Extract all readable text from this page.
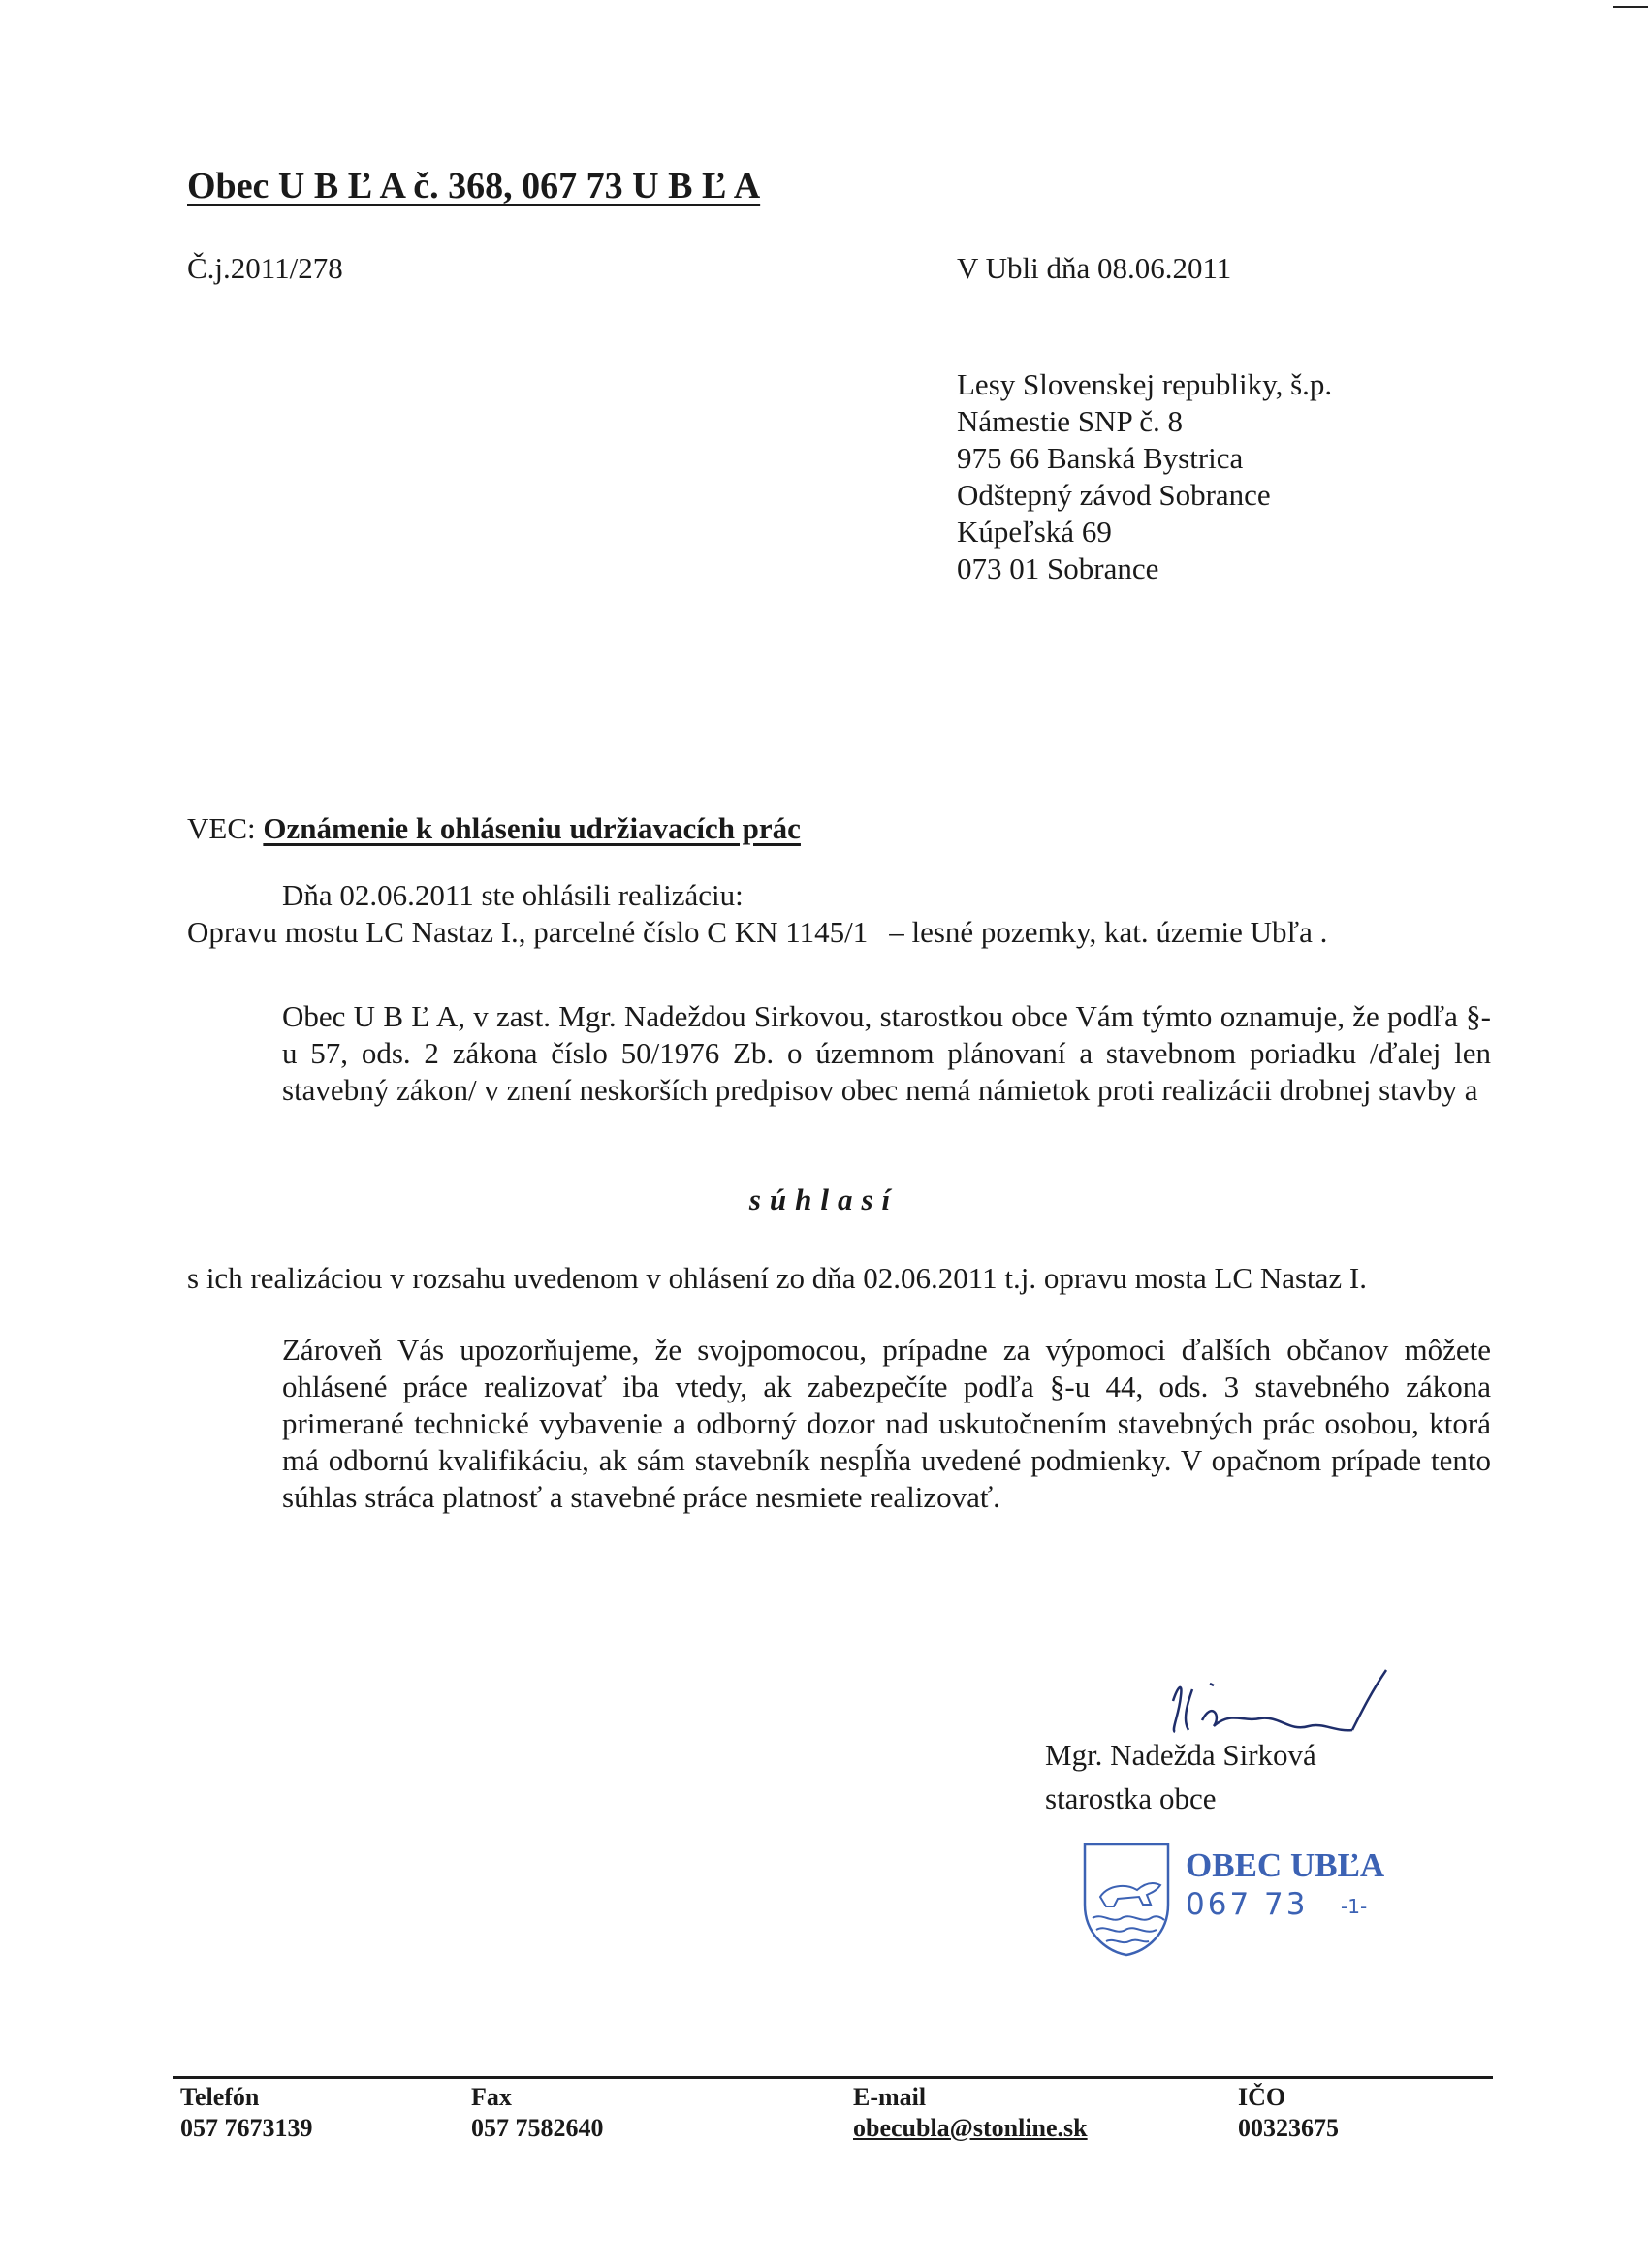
Obec U B Ľ A č. 368, 067 73 U B Ľ A
Č.j.2011/278	V Ubli dňa 08.06.2011
Lesy Slovenskej republiky, š.p.
Námestie SNP č. 8
975 66 Banská Bystrica
Odštepný závod Sobrance
Kúpeľská 69
073 01 Sobrance
VEC: Oznámenie k ohláseniu udržiavacích prác
Dňa 02.06.2011 ste ohlásili realizáciu:
Opravu mostu LC Nastaz I., parcelné číslo C KN 1145/1 – lesné pozemky, kat. územie Ubľa .
Obec U B Ľ A, v zast. Mgr. Nadeždou Sirkovou, starostkou obce Vám týmto oznamuje, že podľa §-u 57, ods. 2 zákona číslo 50/1976 Zb. o územnom plánovaní a stavebnom poriadku /ďalej len stavebný zákon/ v znení neskorších predpisov obec nemá námietok proti realizácii drobnej stavby a
súhlasí
s ich realizáciou v rozsahu uvedenom v ohlásení zo dňa 02.06.2011 t.j. opravu mosta LC Nastaz I.
Zároveň Vás upozorňujeme, že svojpomocou, prípadne za výpomoci ďalších občanov môžete ohlásené práce realizovať iba vtedy, ak zabezpečíte podľa §-u 44, ods. 3 stavebného zákona primerané technické vybavenie a odborný dozor nad uskutočnením stavebných prác osobou, ktorá má odbornú kvalifikáciu, ak sám stavebník nespĺňa uvedené podmienky. V opačnom prípade tento súhlas stráca platnosť a stavebné práce nesmiete realizovať.
Mgr. Nadežda Sirková
starostka obce
OBEC UBĽA
067 73 -1-
Telefón
057 7673139
Fax
057 7582640
E-mail
obecubla@stonline.sk
IČO
00323675
